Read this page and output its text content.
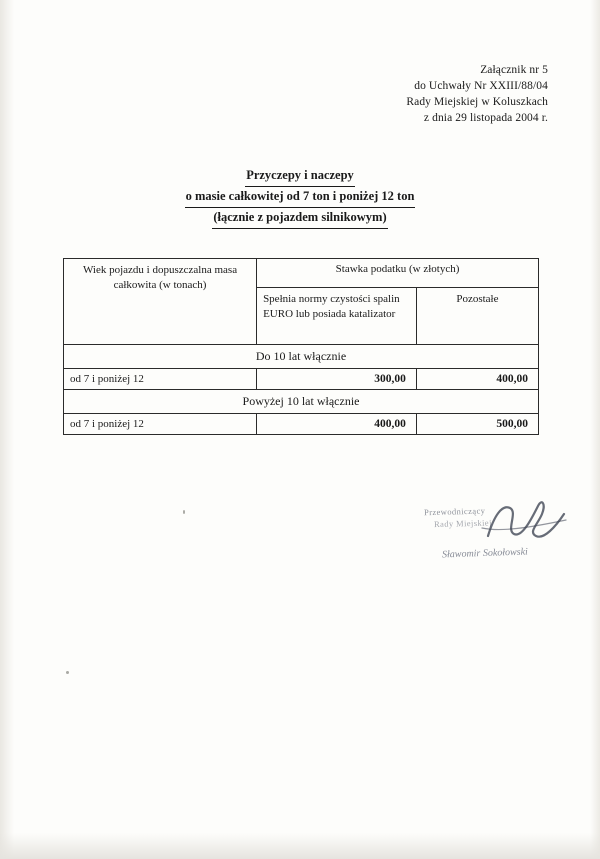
Załącznik nr 5
do Uchwały Nr XXIII/88/04
Rady Miejskiej w Koluszkach
z dnia 29 listopada 2004 r.
Przyczepy i naczepy
o masie całkowitej od 7 ton i poniżej 12 ton
(łącznie z pojazdem silnikowym)
Wiek pojazdu i dopuszczalna masa całkowita (w tonach)	Stawka podatku (w złotych)	
	Spełnia normy czystości spalin EURO lub posiada katalizator	Pozostałe
Do 10 lat włącznie		
od 7 i poniżej 12	300,00	400,00
Powyżej 10 lat włącznie		
od 7 i poniżej 12	400,00	500,00
Przewodniczący
Rady Miejskiej
Sławomir Sokołowski
